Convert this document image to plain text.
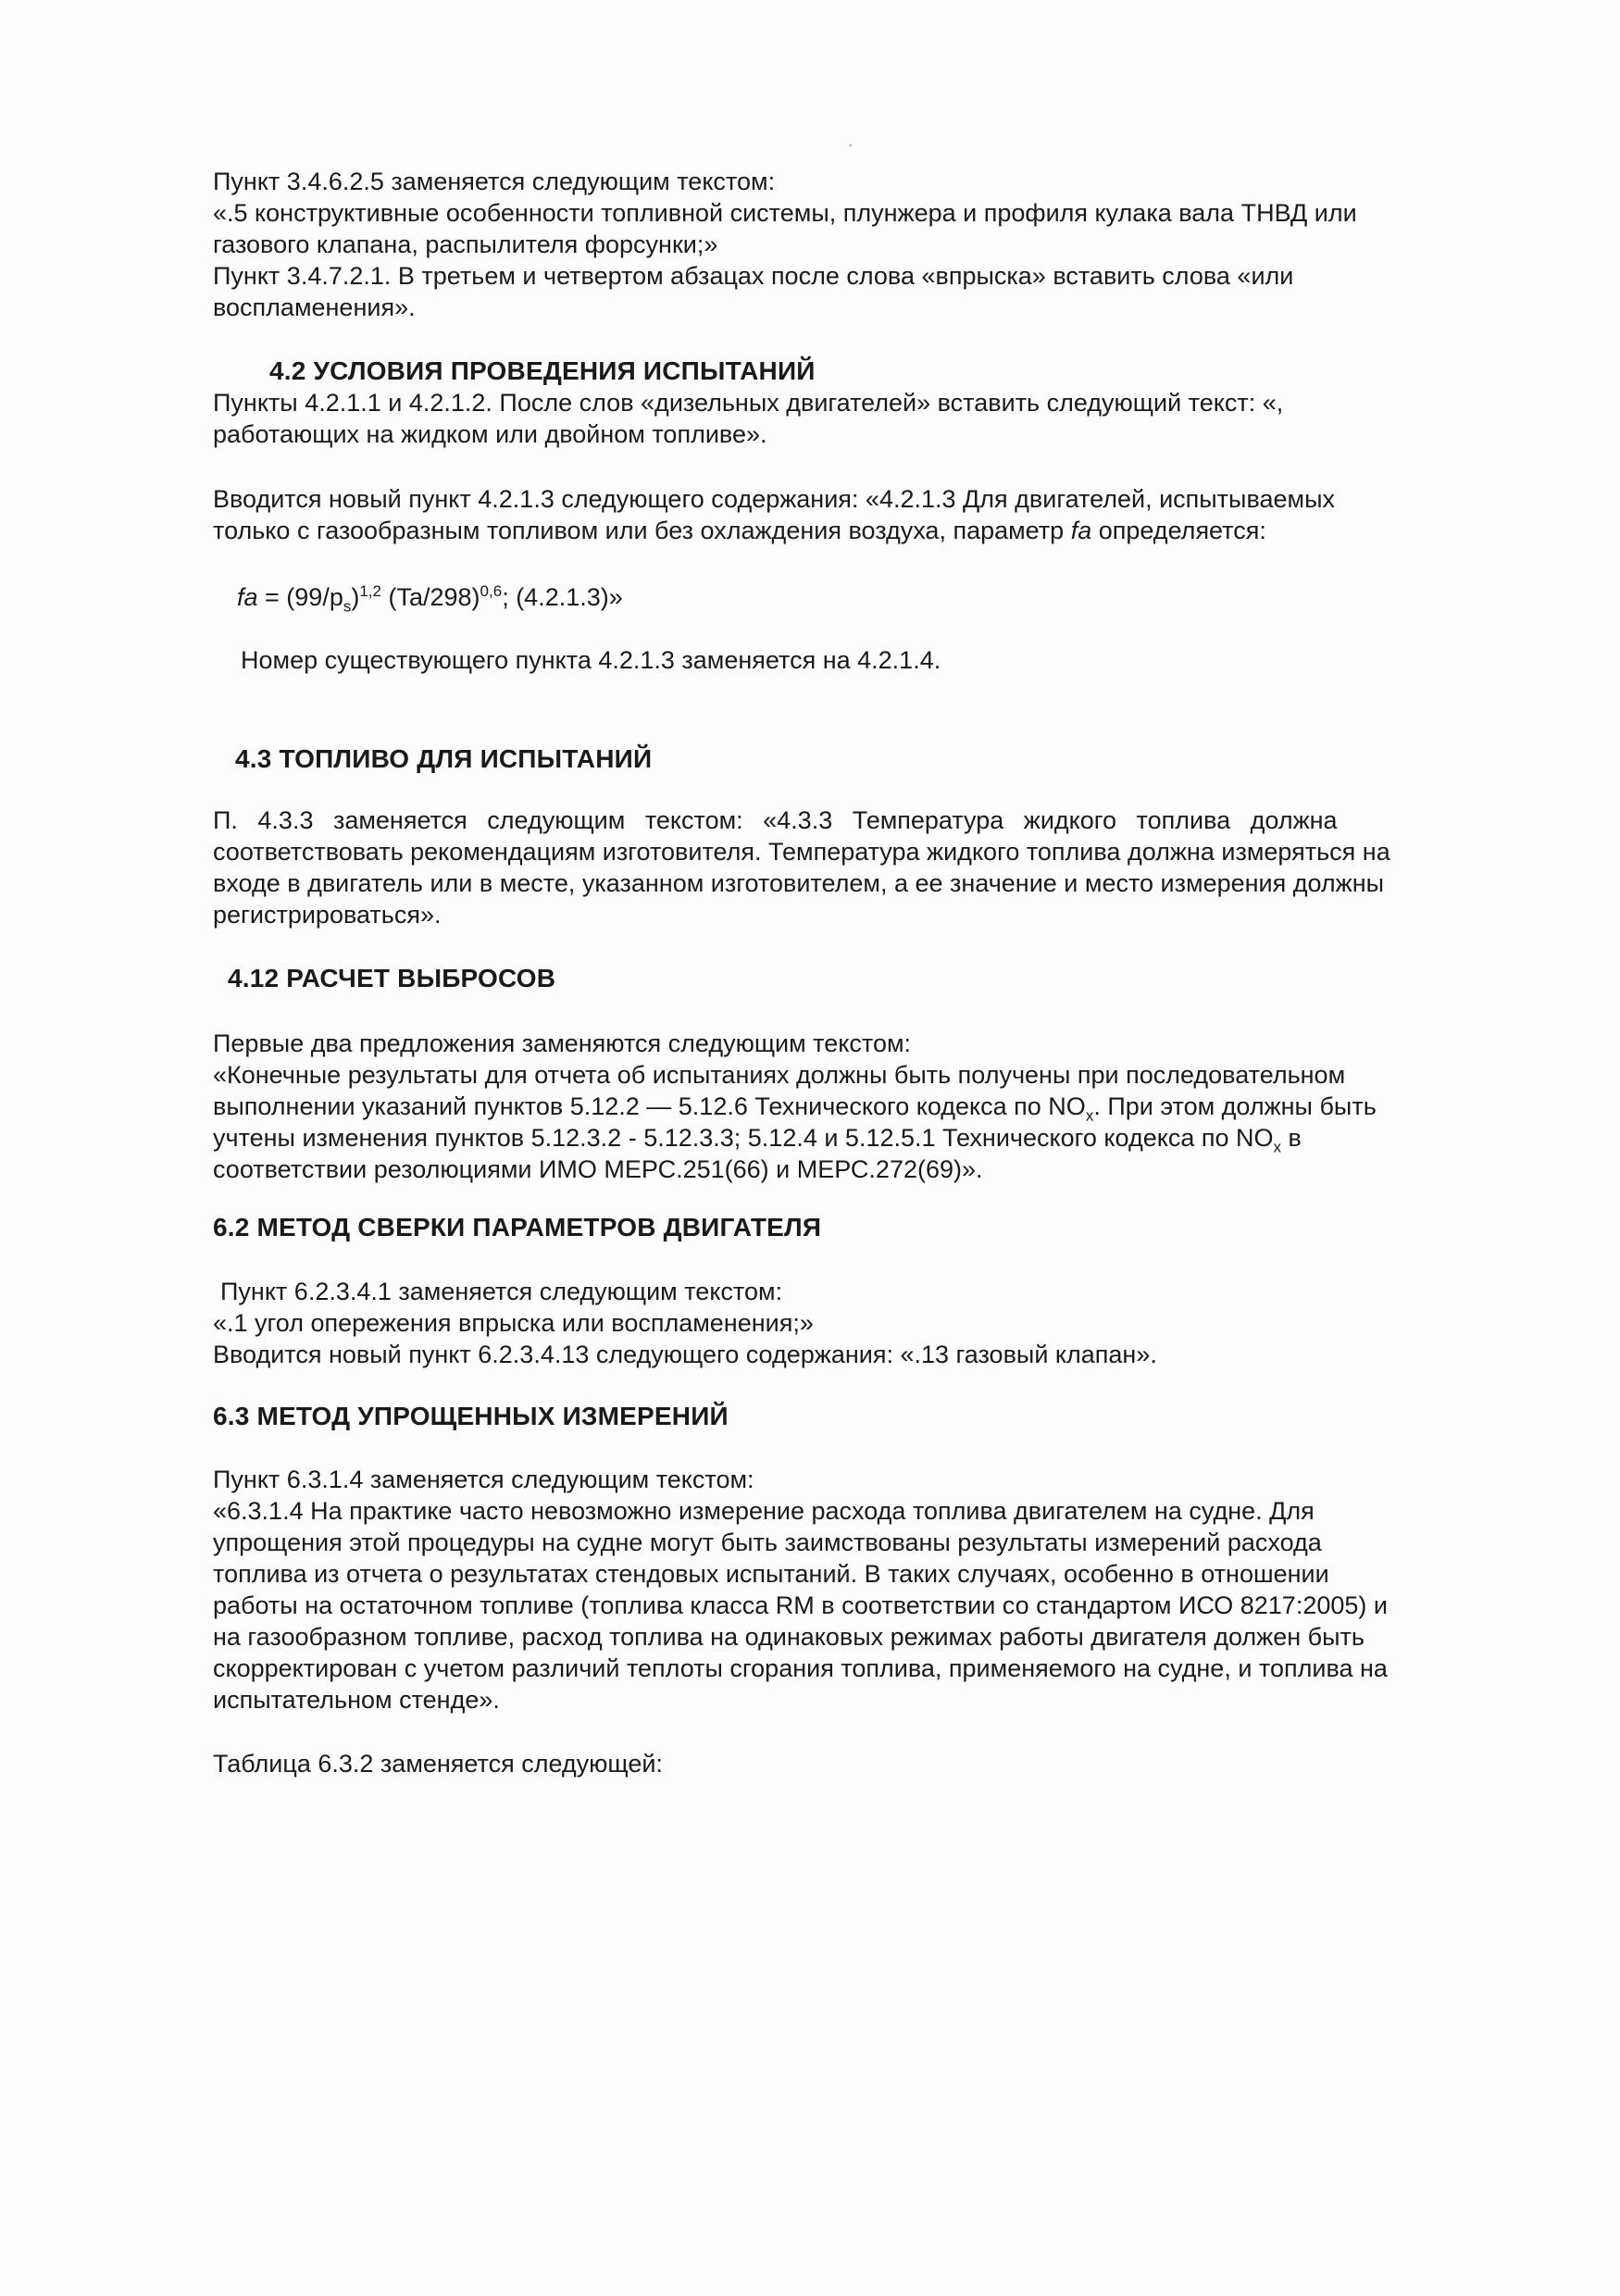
Пункт 3.4.6.2.5 заменяется следующим текстом:
«.5 конструктивные особенности топливной системы, плунжера и профиля кулака вала ТНВД или
газового клапана, распылителя форсунки;»
Пункт 3.4.7.2.1. В третьем и четвертом абзацах после слова «впрыска» вставить слова «или
воспламенения».
4.2 УСЛОВИЯ ПРОВЕДЕНИЯ ИСПЫТАНИЙ
Пункты 4.2.1.1 и 4.2.1.2. После слов «дизельных двигателей» вставить следующий текст: «,
работающих на жидком или двойном топливе».
Вводится новый пункт 4.2.1.3 следующего содержания: «4.2.1.3 Для двигателей, испытываемых
только с газообразным топливом или без охлаждения воздуха, параметр fa определяется:
fa = $(99/p_s)^{1,2}$ $(Ta/298)^{0,6}$; (4.2.1.3)»
Номер существующего пункта 4.2.1.3 заменяется на 4.2.1.4.
4.3 ТОПЛИВО ДЛЯ ИСПЫТАНИЙ
П. 4.3.3 заменяется следующим текстом: «4.3.3 Температура жидкого топлива должна
соответствовать рекомендациям изготовителя. Температура жидкого топлива должна измеряться на
входе в двигатель или в месте, указанном изготовителем, а ее значение и место измерения должны
регистрироваться».
4.12 РАСЧЕТ ВЫБРОСОВ
Первые два предложения заменяются следующим текстом:
«Конечные результаты для отчета об испытаниях должны быть получены при последовательном
выполнении указаний пунктов 5.12.2 — 5.12.6 Технического кодекса по $NO_x$. При этом должны быть
учтены изменения пунктов 5.12.3.2 - 5.12.3.3; 5.12.4 и 5.12.5.1 Технического кодекса по $NO_x$ в
соответствии резолюциями ИМО МЕРС.251(66) и МЕРС.272(69)».
6.2 МЕТОД СВЕРКИ ПАРАМЕТРОВ ДВИГАТЕЛЯ
Пункт 6.2.3.4.1 заменяется следующим текстом:
«.1 угол опережения впрыска или воспламенения;»
Вводится новый пункт 6.2.3.4.13 следующего содержания: «.13 газовый клапан».
6.3 МЕТОД УПРОЩЕННЫХ ИЗМЕРЕНИЙ
Пункт 6.3.1.4 заменяется следующим текстом:
«6.3.1.4 На практике часто невозможно измерение расхода топлива двигателем на судне. Для
упрощения этой процедуры на судне могут быть заимствованы результаты измерений расхода
топлива из отчета о результатах стендовых испытаний. В таких случаях, особенно в отношении
работы на остаточном топливе (топлива класса RM в соответствии со стандартом ИСО 8217:2005) и
на газообразном топливе, расход топлива на одинаковых режимах работы двигателя должен быть
скорректирован с учетом различий теплоты сгорания топлива, применяемого на судне, и топлива на
испытательном стенде».
Таблица 6.3.2 заменяется следующей:
